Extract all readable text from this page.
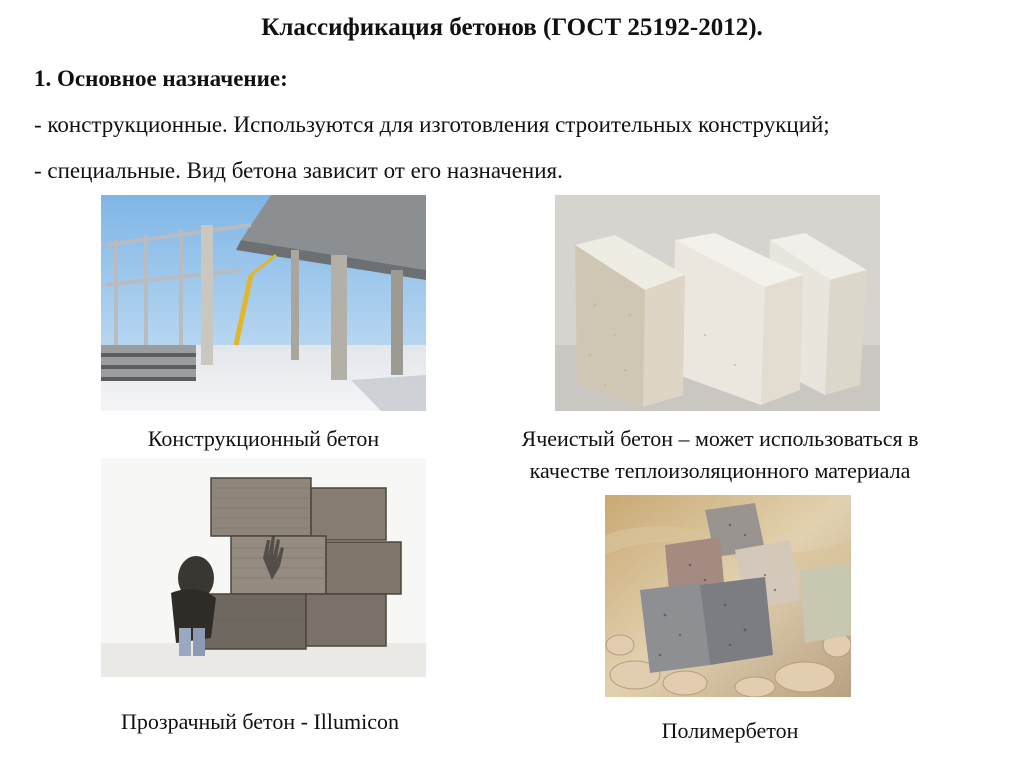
Классификация бетонов (ГОСТ 25192-2012).
1. Основное назначение:
- конструкционные. Используются для изготовления строительных конструкций;
- специальные. Вид бетона зависит от его назначения.
Конструкционный бетон	Ячеистый бетон – может использоваться в
качестве теплоизоляционного материала
Прозрачный бетон - Illumicon	Полимербетон
